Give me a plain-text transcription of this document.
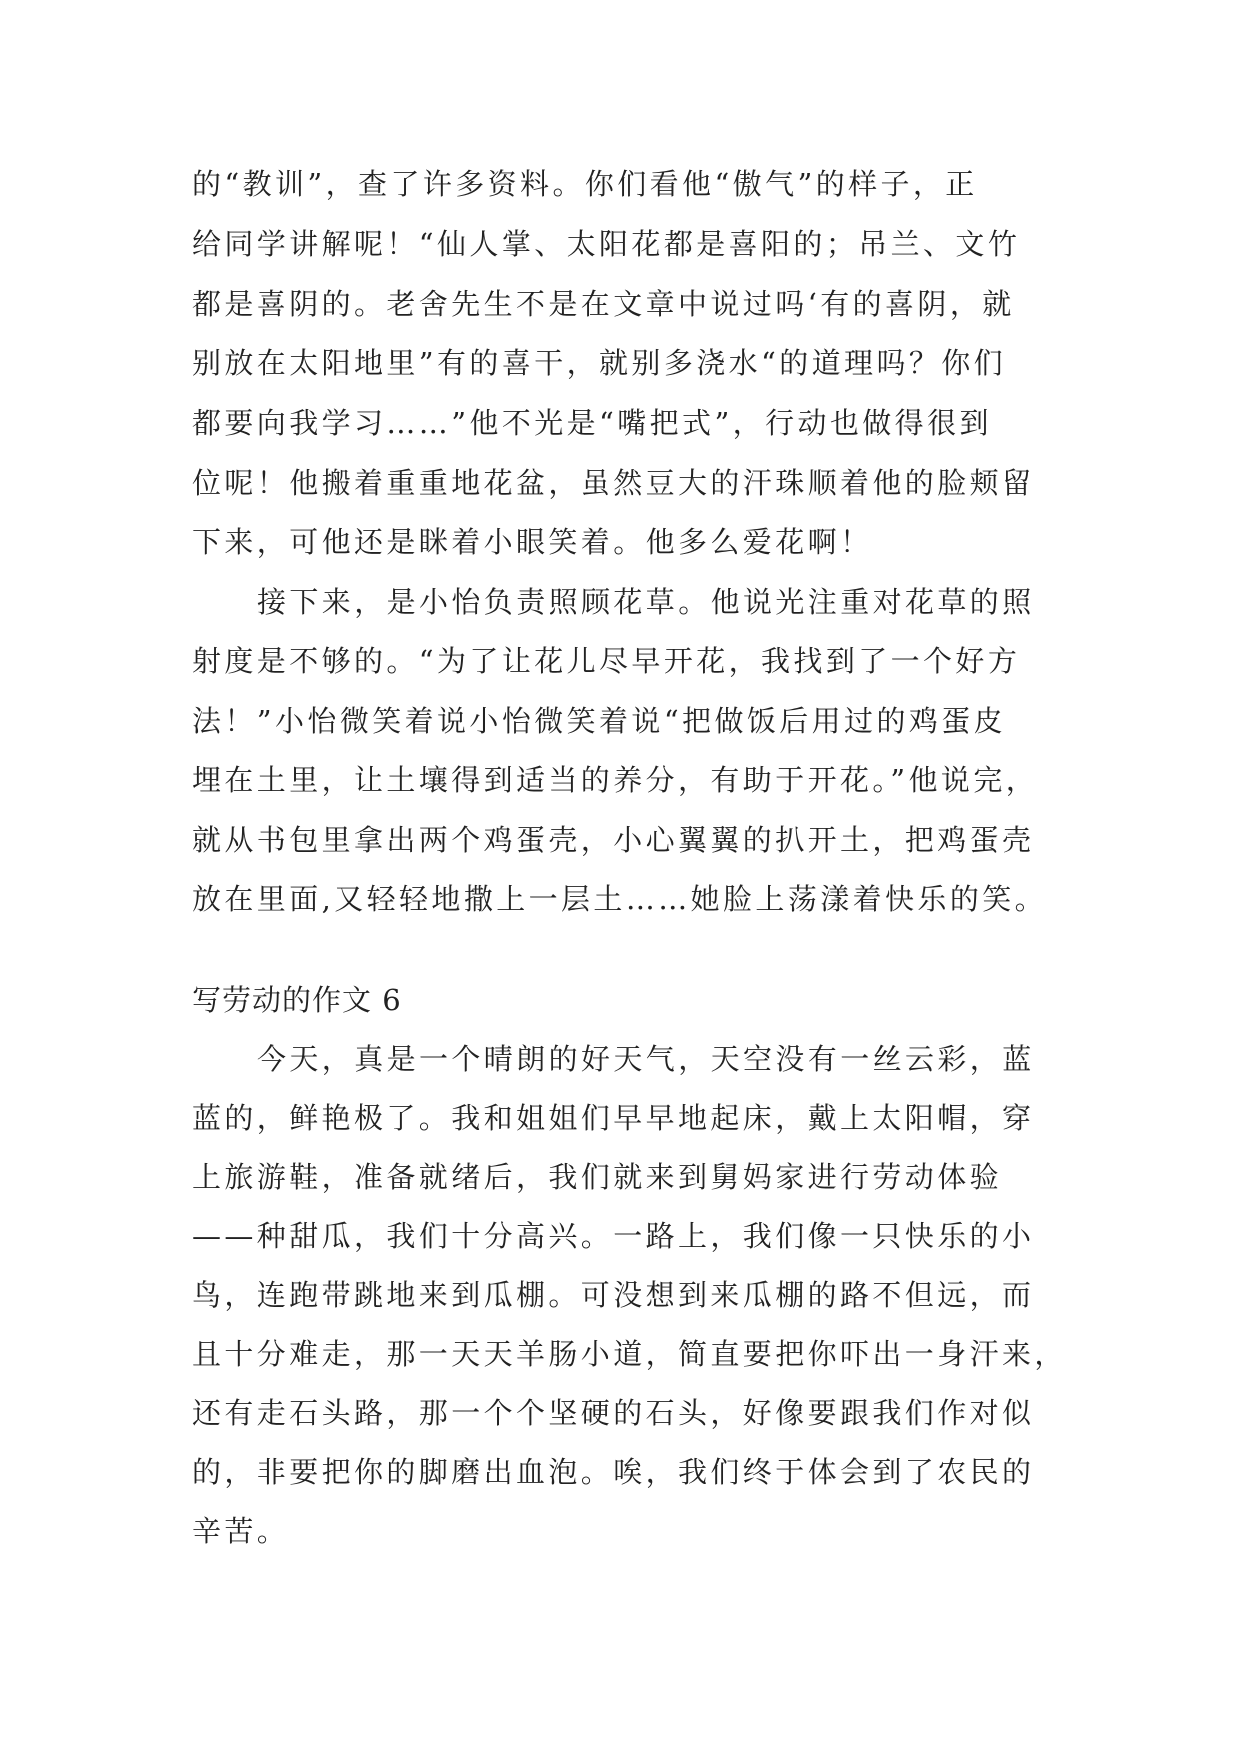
的“教训”，查了许多资料。你们看他“傲气”的样子，正
给同学讲解呢！“仙人掌、太阳花都是喜阳的；吊兰、文竹
都是喜阴的。老舍先生不是在文章中说过吗‘有的喜阴，就
别放在太阳地里”有的喜干，就别多浇水“的道理吗？你们
都要向我学习……”他不光是“嘴把式”，行动也做得很到
位呢！他搬着重重地花盆，虽然豆大的汗珠顺着他的脸颊留
下来，可他还是眯着小眼笑着。他多么爱花啊！
接下来，是小怡负责照顾花草。他说光注重对花草的照
射度是不够的。“为了让花儿尽早开花，我找到了一个好方
法！”小怡微笑着说小怡微笑着说“把做饭后用过的鸡蛋皮
埋在土里，让土壤得到适当的养分，有助于开花。”他说完，
就从书包里拿出两个鸡蛋壳，小心翼翼的扒开土，把鸡蛋壳
放在里面,又轻轻地撒上一层土……她脸上荡漾着快乐的笑。
写劳动的作文 6
今天，真是一个晴朗的好天气，天空没有一丝云彩，蓝
蓝的，鲜艳极了。我和姐姐们早早地起床，戴上太阳帽，穿
上旅游鞋，准备就绪后，我们就来到舅妈家进行劳动体验
——种甜瓜，我们十分高兴。一路上，我们像一只快乐的小
鸟，连跑带跳地来到瓜棚。可没想到来瓜棚的路不但远，而
且十分难走，那一天天羊肠小道，简直要把你吓出一身汗来，
还有走石头路，那一个个坚硬的石头，好像要跟我们作对似
的，非要把你的脚磨出血泡。唉，我们终于体会到了农民的
辛苦。
